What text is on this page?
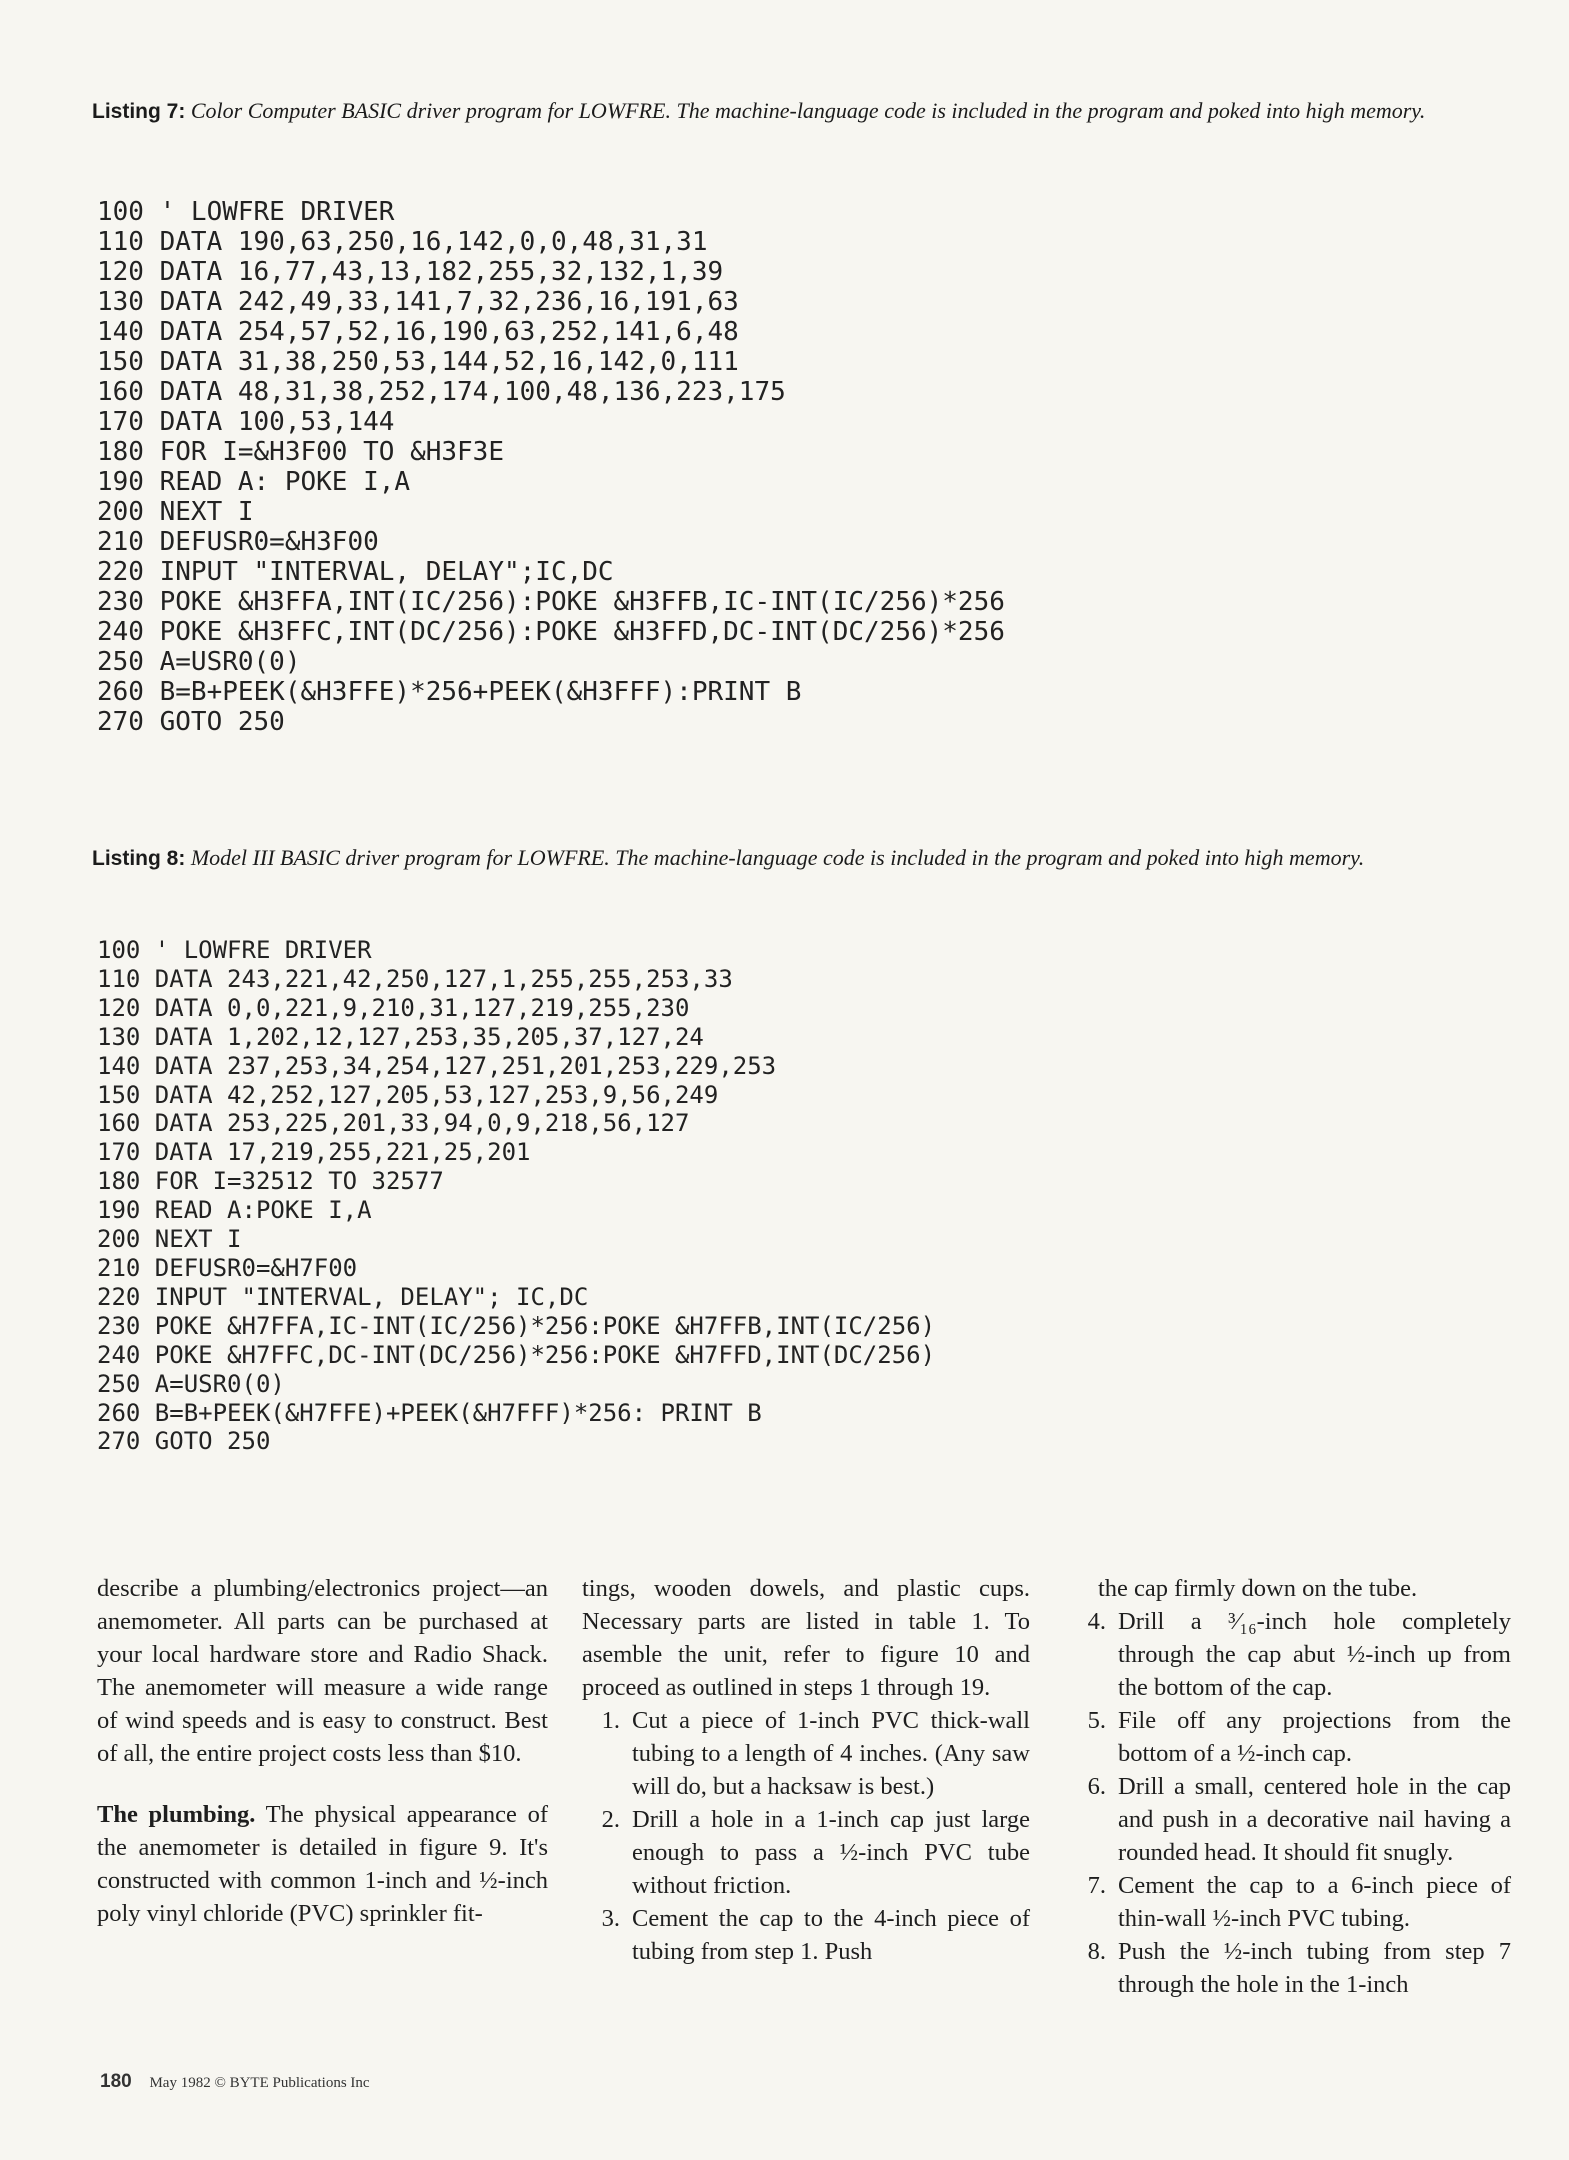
Listing 7: Color Computer BASIC driver program for LOWFRE. The machine-language code is included in the program and poked into high memory.
100 ' LOWFRE DRIVER
110 DATA 190,63,250,16,142,0,0,48,31,31
120 DATA 16,77,43,13,182,255,32,132,1,39
130 DATA 242,49,33,141,7,32,236,16,191,63
140 DATA 254,57,52,16,190,63,252,141,6,48
150 DATA 31,38,250,53,144,52,16,142,0,111
160 DATA 48,31,38,252,174,100,48,136,223,175
170 DATA 100,53,144
180 FOR I=&H3F00 TO &H3F3E
190 READ A: POKE I,A
200 NEXT I
210 DEFUSR0=&H3F00
220 INPUT "INTERVAL, DELAY";IC,DC
230 POKE &H3FFA,INT(IC/256):POKE &H3FFB,IC-INT(IC/256)*256
240 POKE &H3FFC,INT(DC/256):POKE &H3FFD,DC-INT(DC/256)*256
250 A=USR0(0)
260 B=B+PEEK(&H3FFE)*256+PEEK(&H3FFF):PRINT B
270 GOTO 250
Listing 8: Model III BASIC driver program for LOWFRE. The machine-language code is included in the program and poked into high memory.
100 ' LOWFRE DRIVER
110 DATA 243,221,42,250,127,1,255,255,253,33
120 DATA 0,0,221,9,210,31,127,219,255,230
130 DATA 1,202,12,127,253,35,205,37,127,24
140 DATA 237,253,34,254,127,251,201,253,229,253
150 DATA 42,252,127,205,53,127,253,9,56,249
160 DATA 253,225,201,33,94,0,9,218,56,127
170 DATA 17,219,255,221,25,201
180 FOR I=32512 TO 32577
190 READ A:POKE I,A
200 NEXT I
210 DEFUSR0=&H7F00
220 INPUT "INTERVAL, DELAY"; IC,DC
230 POKE &H7FFA,IC-INT(IC/256)*256:POKE &H7FFB,INT(IC/256)
240 POKE &H7FFC,DC-INT(DC/256)*256:POKE &H7FFD,INT(DC/256)
250 A=USR0(0)
260 B=B+PEEK(&H7FFE)+PEEK(&H7FFF)*256: PRINT B
270 GOTO 250

describe a plumbing/electronics project—an anemometer. All parts can be purchased at your local hardware store and Radio Shack. The anemometer will measure a wide range of wind speeds and is easy to construct. Best of all, the entire project costs less than $10.

The plumbing. The physical appearance of the anemometer is detailed in figure 9. It's constructed with common 1-inch and ½-inch poly vinyl chloride (PVC) sprinkler fit-

tings, wooden dowels, and plastic cups. Necessary parts are listed in table 1. To asemble the unit, refer to figure 10 and proceed as outlined in steps 1 through 19.

1. Cut a piece of 1-inch PVC thick-wall tubing to a length of 4 inches. (Any saw will do, but a hacksaw is best.)
2. Drill a hole in a 1-inch cap just large enough to pass a ½-inch PVC tube without friction.
3. Cement the cap to the 4-inch piece of tubing from step 1. Push

the cap firmly down on the tube.

4. Drill a ³⁄₁₆-inch hole completely through the cap abut ½-inch up from the bottom of the cap.
5. File off any projections from the bottom of a ½-inch cap.
6. Drill a small, centered hole in the cap and push in a decorative nail having a rounded head. It should fit snugly.
7. Cement the cap to a 6-inch piece of thin-wall ½-inch PVC tubing.
8. Push the ½-inch tubing from step 7 through the hole in the 1-inch
180 May 1982 © BYTE Publications Inc
